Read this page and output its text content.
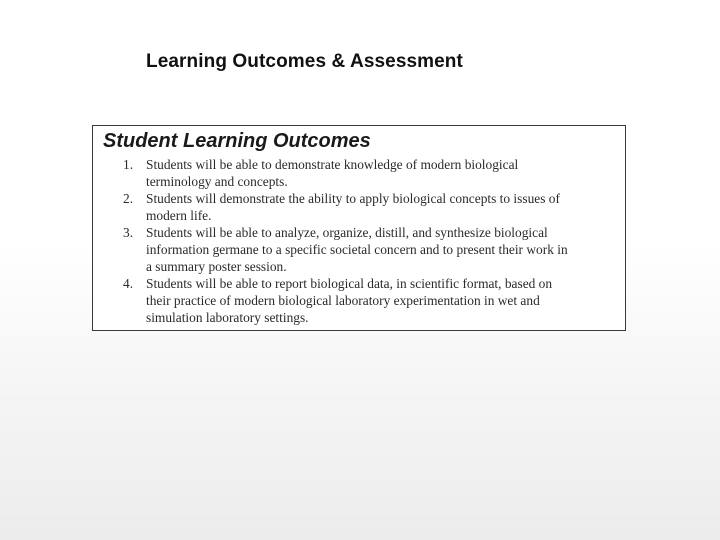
Learning Outcomes & Assessment
Student Learning Outcomes
1. Students will be able to demonstrate knowledge of modern biological terminology and concepts.
2. Students will demonstrate the ability to apply biological concepts to issues of modern life.
3. Students will be able to analyze, organize, distill, and synthesize biological information germane to a specific societal concern and to present their work in a summary poster session.
4. Students will be able to report biological data, in scientific format, based on their practice of modern biological laboratory experimentation in wet and simulation laboratory settings.
